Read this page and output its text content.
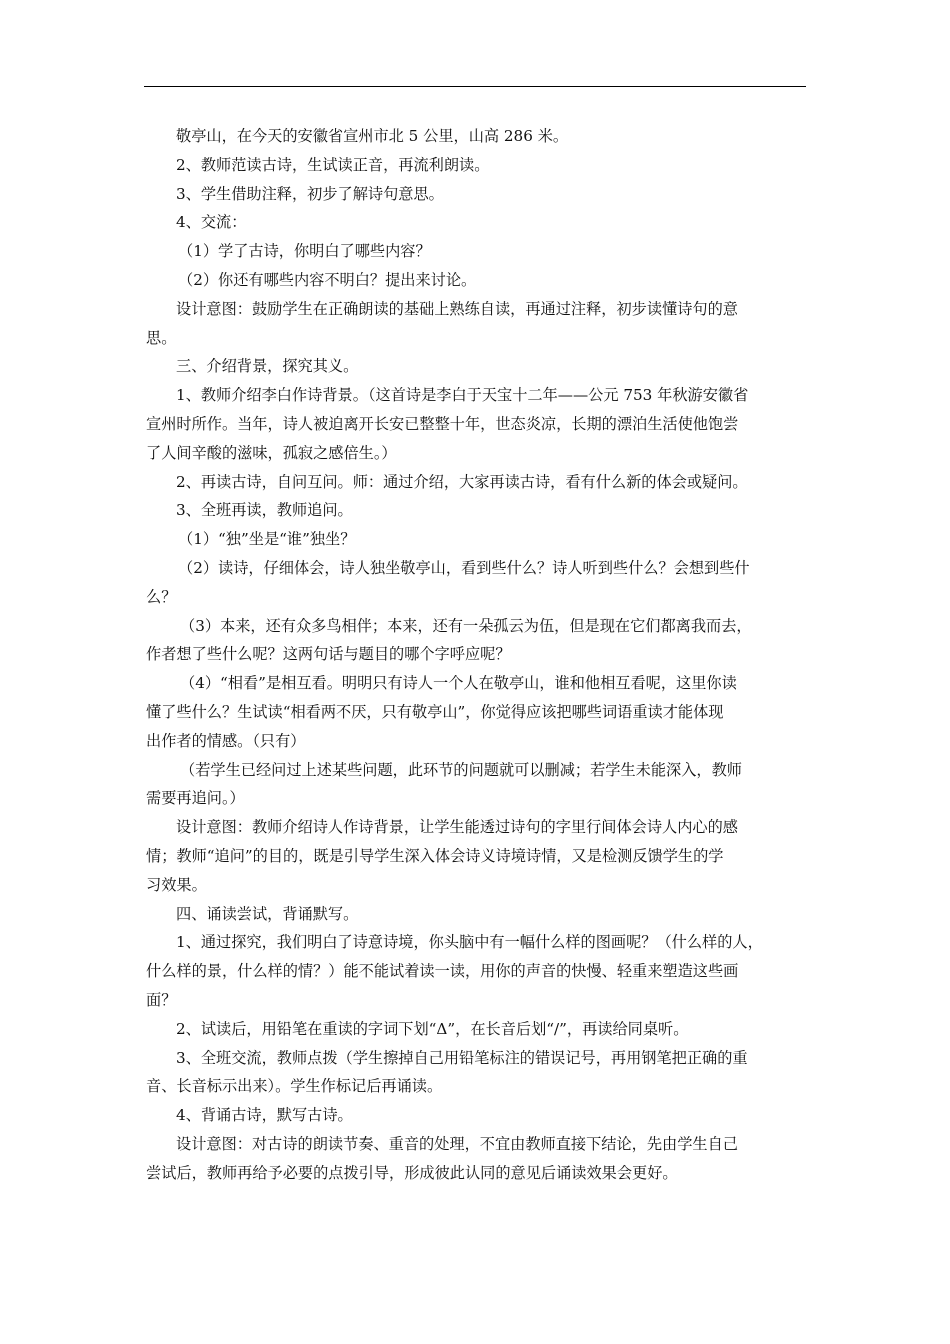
敬亭山，在今天的安徽省宣州市北 5 公里，山高 286 米。

2、教师范读古诗，生试读正音，再流利朗读。

3、学生借助注释，初步了解诗句意思。

4、交流：

（1）学了古诗，你明白了哪些内容？

（2）你还有哪些内容不明白？提出来讨论。

设计意图：鼓励学生在正确朗读的基础上熟练自读，再通过注释，初步读懂诗句的意
思。

三、介绍背景，探究其义。

1、教师介绍李白作诗背景。（这首诗是李白于天宝十二年——公元 753 年秋游安徽省
宣州时所作。当年，诗人被迫离开长安已整整十年，世态炎凉，长期的漂泊生活使他饱尝
了人间辛酸的滋味，孤寂之感倍生。）

2、再读古诗，自问互问。师：通过介绍，大家再读古诗，看有什么新的体会或疑问。

3、全班再读，教师追问。

（1）“独”坐是“谁”独坐？

（2）读诗，仔细体会，诗人独坐敬亭山，看到些什么？诗人听到些什么？会想到些什
么？

（3）本来，还有众多鸟相伴；本来，还有一朵孤云为伍，但是现在它们都离我而去，
作者想了些什么呢？这两句话与题目的哪个字呼应呢？

（4）“相看”是相互看。明明只有诗人一个人在敬亭山，谁和他相互看呢，这里你读
懂了些什么？生试读“相看两不厌，只有敬亭山”，你觉得应该把哪些词语重读才能体现
出作者的情感。（只有）

（若学生已经问过上述某些问题，此环节的问题就可以删减；若学生未能深入，教师
需要再追问。）

设计意图：教师介绍诗人作诗背景，让学生能透过诗句的字里行间体会诗人内心的感
情；教师“追问”的目的，既是引导学生深入体会诗义诗境诗情，又是检测反馈学生的学
习效果。

四、诵读尝试，背诵默写。

1、通过探究，我们明白了诗意诗境，你头脑中有一幅什么样的图画呢？（什么样的人，
什么样的景，什么样的情？）能不能试着读一读，用你的声音的快慢、轻重来塑造这些画
面？

2、试读后，用铅笔在重读的字词下划“Δ”，在长音后划“/”，再读给同桌听。

3、全班交流，教师点拨（学生擦掉自己用铅笔标注的错误记号，再用钢笔把正确的重
音、长音标示出来）。学生作标记后再诵读。

4、背诵古诗，默写古诗。

设计意图：对古诗的朗读节奏、重音的处理，不宜由教师直接下结论，先由学生自己
尝试后，教师再给予必要的点拨引导，形成彼此认同的意见后诵读效果会更好。
